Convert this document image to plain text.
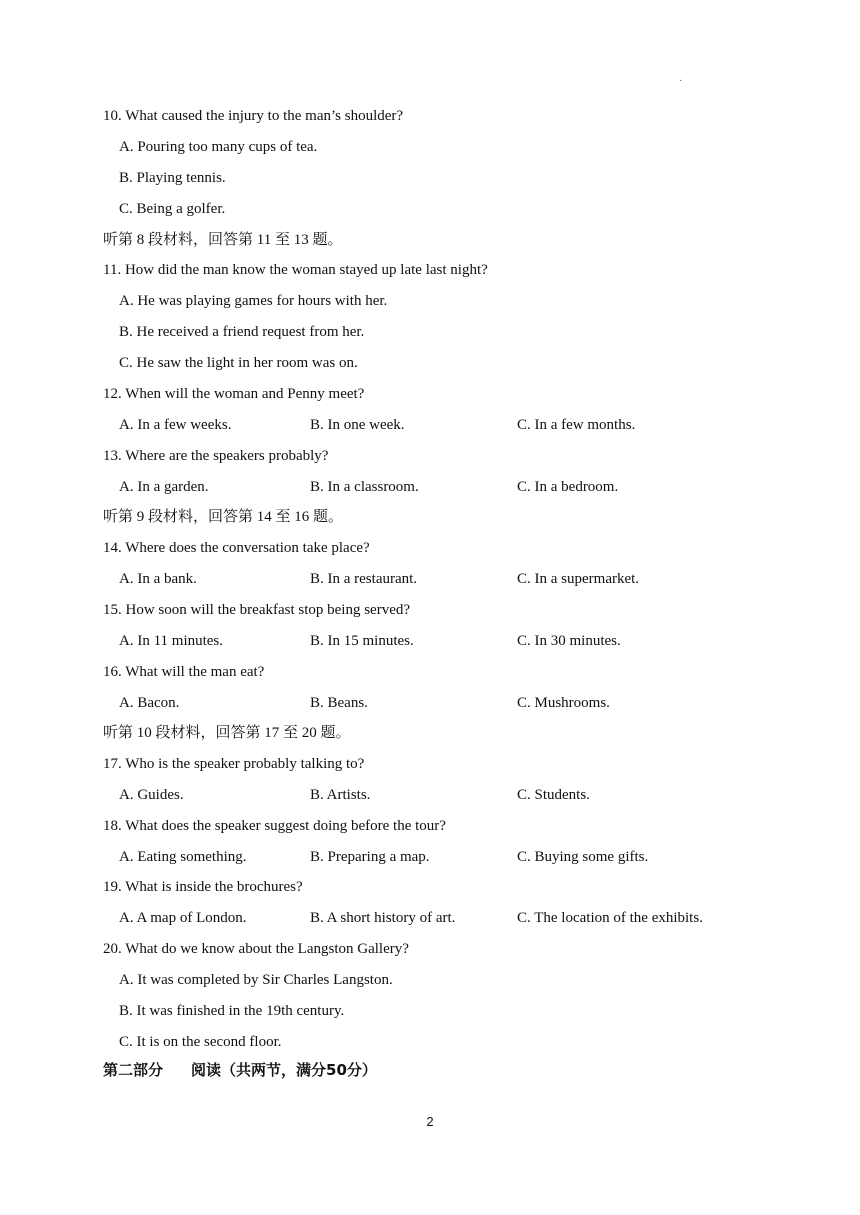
·
10. What caused the injury to the man’s shoulder?
A. Pouring too many cups of tea.
B. Playing tennis.
C. Being a golfer.
听第 8 段材料，回答第 11 至 13 题。
11. How did the man know the woman stayed up late last night?
A. He was playing games for hours with her.
B. He received a friend request from her.
C. He saw the light in her room was on.
12. When will the woman and Penny meet?
A. In a few weeks.	B. In one week.	C. In a few months.
13. Where are the speakers probably?
A. In a garden.	B. In a classroom.	C. In a bedroom.
听第 9 段材料，回答第 14 至 16 题。
14. Where does the conversation take place?
A. In a bank.	B. In a restaurant.	C. In a supermarket.
15. How soon will the breakfast stop being served?
A. In 11 minutes.	B. In 15 minutes.	C. In 30 minutes.
16. What will the man eat?
A. Bacon.	B. Beans.	C. Mushrooms.
听第 10 段材料，回答第 17 至 20 题。
17. Who is the speaker probably talking to?
A. Guides.	B. Artists.	C. Students.
18. What does the speaker suggest doing before the tour?
A. Eating something.	B. Preparing a map.	C. Buying some gifts.
19. What is inside the brochures?
A. A map of London.	B. A short history of art.	C. The location of the exhibits.
20. What do we know about the Langston Gallery?
A. It was completed by Sir Charles Langston.
B. It was finished in the 19th century.
C. It is on the second floor.
第二部分 阅读（共两节，满分50分）
2
